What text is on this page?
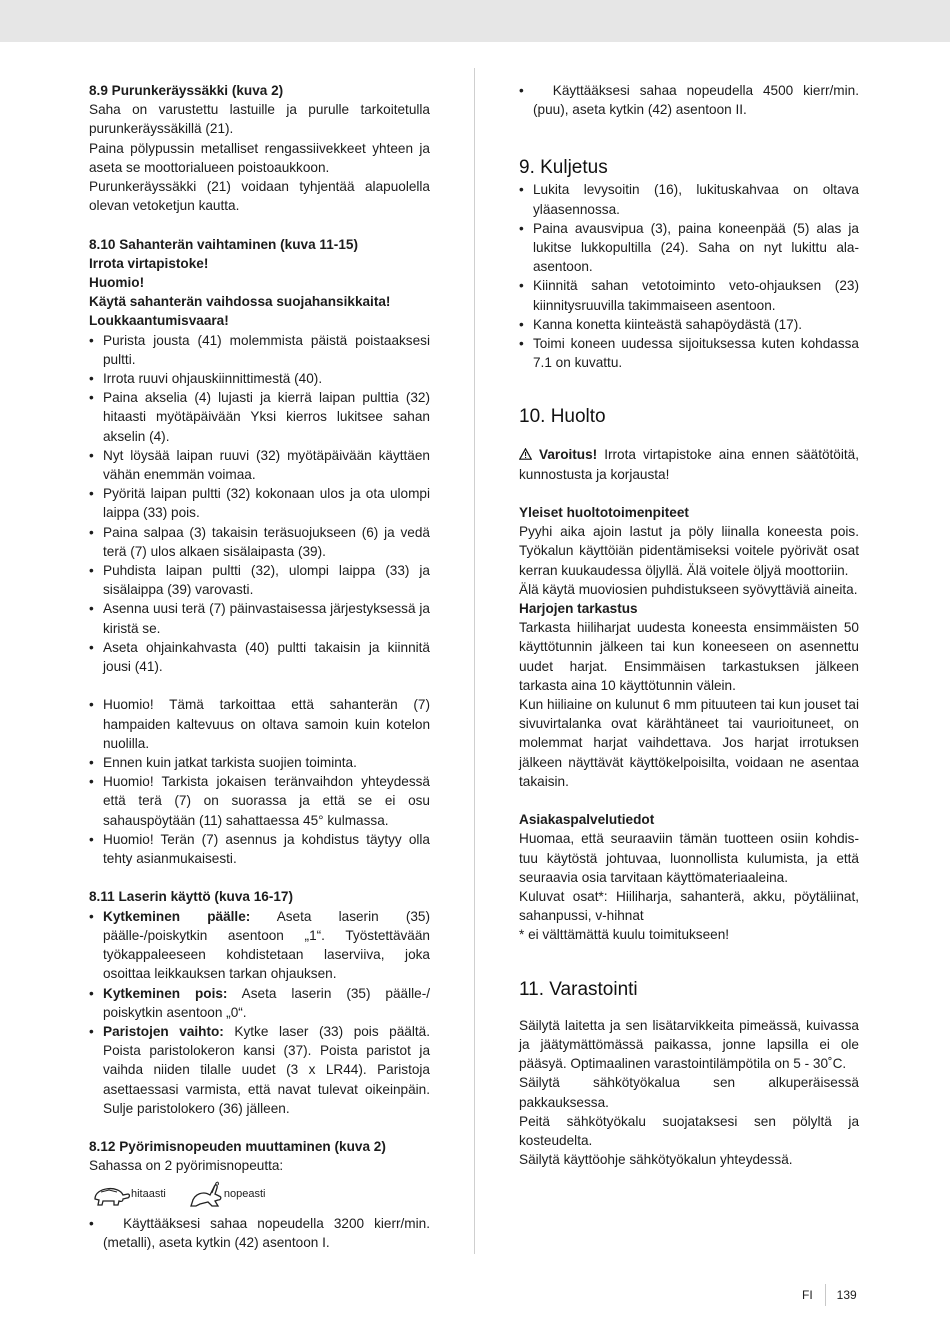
8.9 Purunkeräyssäkki (kuva 2)

Saha on varustettu lastuille ja purulle tarkoitetulla purunkeräyssäkillä (21).

Paina pölypussin metalliset rengassiivekkeet yhteen ja aseta se moottorialueen poistoaukkoon.

Purunkeräyssäkki (21) voidaan tyhjentää alapuolella olevan vetoketjun kautta.

8.10 Sahanterän vaihtaminen (kuva 11-15)

Irrota virtapistoke!

Huomio!

Käytä sahanterän vaihdossa suojahansikkaita!

Loukkaantumisvaara!

• Purista jousta (41) molemmista päistä poistaaksesi pultti.
• Irrota ruuvi ohjauskiinnittimestä (40).
• Paina akselia (4) lujasti ja kierrä laipan pulttia (32) hitaasti myötäpäivään Yksi kierros lukitsee sahan akselin (4).
• Nyt löysää laipan ruuvi (32) myötäpäivään käyttäen vähän enemmän voimaa.
• Pyöritä laipan pultti (32) kokonaan ulos ja ota ulompi laippa (33) pois.
• Paina salpaa (3) takaisin teräsuojukseen (6) ja vedä terä (7) ulos alkaen sisälaipasta (39).
• Puhdista laipan pultti (32), ulompi laippa (33) ja sisälaippa (39) varovasti.
• Asenna uusi terä (7) päinvastaisessa järjestyksessä ja kiristä se.
• Aseta ohjainkahvasta (40) pultti takaisin ja kiinnitä jousi (41).
• Huomio! Tämä tarkoittaa että sahanterän (7) hampaiden kaltevuus on oltava samoin kuin kotelon nuolilla.
• Ennen kuin jatkat tarkista suojien toiminta.
• Huomio! Tarkista jokaisen teränvaihdon yhteydessä että terä (7) on suorassa ja että se ei osu sahauspöytään (11) sahattaessa 45° kulmassa.
• Huomio! Terän (7) asennus ja kohdistus täytyy olla tehty asianmukaisesti.

8.11 Laserin käyttö (kuva 16-17)

• Kytkeminen päälle: Aseta laserin (35) päälle-/poiskytkin asentoon „1“. Työstettävään työkappaleeseen kohdistetaan laserviiva, joka osoittaa leikkauksen tarkan ohjauksen.
• Kytkeminen pois: Aseta laserin (35) päälle-/ poiskytkin asentoon „0“.
• Paristojen vaihto: Kytke laser (33) pois päältä. Poista paristolokeron kansi (37). Poista paristot ja vaihda niiden tilalle uudet (3 x LR44). Paristoja asettaessasi varmista, että navat tulevat oikeinpäin. Sulje paristolokero (36) jälleen.

8.12 Pyörimisnopeuden muuttaminen (kuva 2)

Sahassa on 2 pyörimisnopeutta:

hitaasti	nopeasti
•   Käyttääksesi sahaa nopeudella 3200 kierr/min. (metalli), aseta kytkin (42) asentoon I.
•   Käyttääksesi sahaa nopeudella 4500 kierr/min. (puu), aseta kytkin (42) asentoon II.
9. Kuljetus
• Lukita levysoitin (16), lukituskahvaa on oltava yläasennossa.
• Paina avausvipua (3), paina koneenpää (5) alas ja lukitse lukkopultilla (24). Saha on nyt lukittu ala-asentoon.
• Kiinnitä sahan vetotoiminto veto-ohjauksen (23) kiinnitysruuvilla takimmaiseen asentoon.
• Kanna konetta kiinteästä sahapöydästä (17).
• Toimi koneen uudessa sijoituksessa kuten kohdassa 7.1 on kuvattu.
10. Huolto

Varoitus! Irrota virtapistoke aina ennen säätötöitä, kunnostusta ja korjausta!

Yleiset huoltotoimenpiteet

Pyyhi aika ajoin lastut ja pöly liinalla koneesta pois. Työkalun käyttöiän pidentämiseksi voitele pyörivät osat kerran kuukaudessa öljyllä. Älä voitele öljyä moottoriin.

Älä käytä muoviosien puhdistukseen syövyttäviä aineita.

Harjojen tarkastus

Tarkasta hiiliharjat uudesta koneesta ensimmäisten 50 käyttötunnin jälkeen tai kun koneeseen on asennettu uudet harjat. Ensimmäisen tarkastuksen jälkeen tarkasta aina 10 käyttötunnin välein.

Kun hiiliaine on kulunut 6 mm pituuteen tai kun jouset tai sivuvirtalanka ovat kärähtäneet tai vaurioituneet, on molemmat harjat vaihdettava. Jos harjat irrotuksen jälkeen näyttävät käyttökelpoisilta, voidaan ne asentaa takaisin.

Asiakaspalvelutiedot

Huomaa, että seuraaviin tämän tuotteen osiin kohdis-tuu käytöstä johtuvaa, luonnollista kulumista, ja että seuraavia osia tarvitaan käyttömateriaaleina.

Kuluvat osat*: Hiiliharja, sahanterä, akku, pöytäliinat, sahanpussi, v-hihnat

* ei välttämättä kuulu toimitukseen!

11. Varastointi

Säilytä laitetta ja sen lisätarvikkeita pimeässä, kuivassa ja jäätymättömässä paikassa, jonne lapsilla ei ole pääsyä. Optimaalinen varastointilämpötila on 5 - 30˚C.

Säilytä sähkötyökalua sen alkuperäisessä pakkauksessa.

Peitä sähkötyökalu suojataksesi sen pölyltä ja kosteudelta.

Säilytä käyttöohje sähkötyökalun yhteydessä.

FI 139
